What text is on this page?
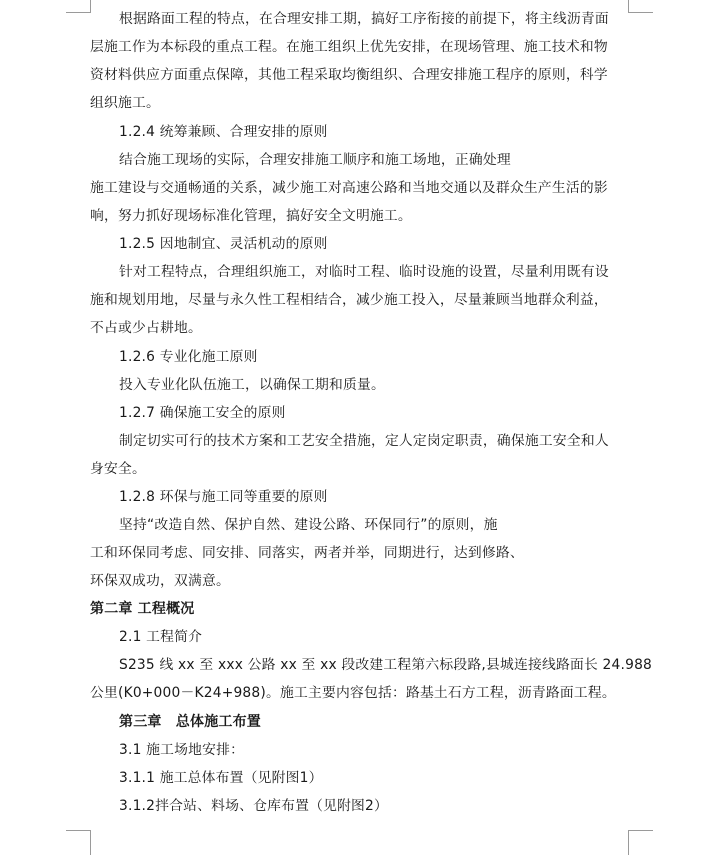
根据路面工程的特点，在合理安排工期，搞好工序衔接的前提下，将主线沥青面
层施工作为本标段的重点工程。在施工组织上优先安排，在现场管理、施工技术和物
资材料供应方面重点保障，其他工程采取均衡组织、合理安排施工程序的原则，科学
组织施工。
1.2.4 统筹兼顾、合理安排的原则
结合施工现场的实际，合理安排施工顺序和施工场地，正确处理
施工建设与交通畅通的关系，减少施工对高速公路和当地交通以及群众生产生活的影
响，努力抓好现场标准化管理，搞好安全文明施工。
1.2.5 因地制宜、灵活机动的原则
针对工程特点，合理组织施工，对临时工程、临时设施的设置，尽量利用既有设
施和规划用地，尽量与永久性工程相结合，减少施工投入，尽量兼顾当地群众利益，
不占或少占耕地。
1.2.6 专业化施工原则
投入专业化队伍施工，以确保工期和质量。
1.2.7 确保施工安全的原则
制定切实可行的技术方案和工艺安全措施，定人定岗定职责，确保施工安全和人
身安全。
1.2.8 环保与施工同等重要的原则
坚持“改造自然、保护自然、建设公路、环保同行”的原则，施
工和环保同考虑、同安排、同落实，两者并举，同期进行，达到修路、
环保双成功，双满意。
第二章 工程概况
2.1 工程简介
S235 线 xx 至 xxx 公路 xx 至 xx 段改建工程第六标段路,县城连接线路面长 24.988
公里(K0+000－K24+988)。施工主要内容包括：路基土石方工程，沥青路面工程。
第三章　总体施工布置
3.1 施工场地安排：
3.1.1 施工总体布置（见附图1）
3.1.2拌合站、料场、仓库布置（见附图2）
